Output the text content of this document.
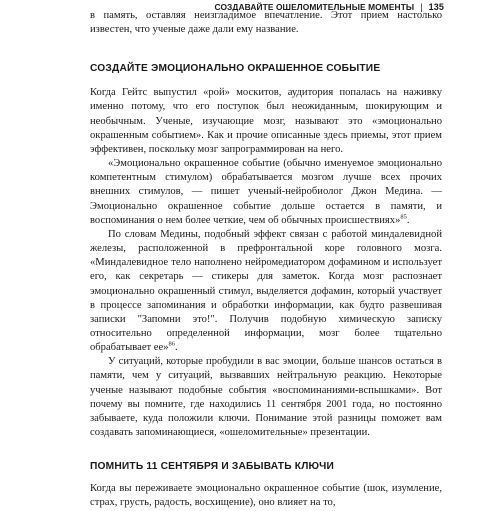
СОЗДАВАЙТЕ ОШЕЛОМИТЕЛЬНЫЕ МОМЕНТЫ | 135

в память, оставляя неизгладимое впечатление. Этот прием настолько известен, что ученые даже дали ему название.

СОЗДАЙТЕ ЭМОЦИОНАЛЬНО ОКРАШЕННОЕ СОБЫТИЕ

Когда Гейтс выпустил «рой» москитов, аудитория попалась на наживку именно потому, что его поступок был неожиданным, шокирующим и необычным. Ученые, изучающие мозг, называют это «эмоционально окрашенным событием». Как и прочие описанные здесь приемы, этот прием эффективен, поскольку мозг запрограммирован на него.

«Эмоционально окрашенное событие (обычно именуемое эмоционально компетентным стимулом) обрабатывается мозгом лучше всех прочих внешних стимулов, — пишет ученый-нейробиолог Джон Медина. — Эмоционально окрашенное событие дольше остается в памяти, и воспоминания о нем более четкие, чем об обычных происшествиях»$^{85}$.

По словам Медины, подобный эффект связан с работой миндалевидной железы, расположенной в префронтальной коре головного мозга. «Миндалевидное тело наполнено нейромедиатором дофамином и использует его, как секретарь — стикеры для заметок. Когда мозг распознает эмоционально окрашенный стимул, выделяется дофамин, который участвует в процессе запоминания и обработки информации, как будто развешивая записки "Запомни это!". Получив подобную химическую записку относительно определенной информации, мозг более тщательно обрабатывает ее»$^{86}$.

У ситуаций, которые пробудили в вас эмоции, больше шансов остаться в памяти, чем у ситуаций, вызвавших нейтральную реакцию. Некоторые ученые называют подобные события «воспоминаниями-вспышками». Вот почему вы помните, где находились 11 сентября 2001 года, но постоянно забываете, куда положили ключи. Понимание этой разницы поможет вам создавать запоминающиеся, «ошеломительные» презентации.

ПОМНИТЬ 11 СЕНТЯБРЯ И ЗАБЫВАТЬ КЛЮЧИ

Когда вы переживаете эмоционально окрашенное событие (шок, изумление, страх, грусть, радость, восхищение), оно влияет на то,
